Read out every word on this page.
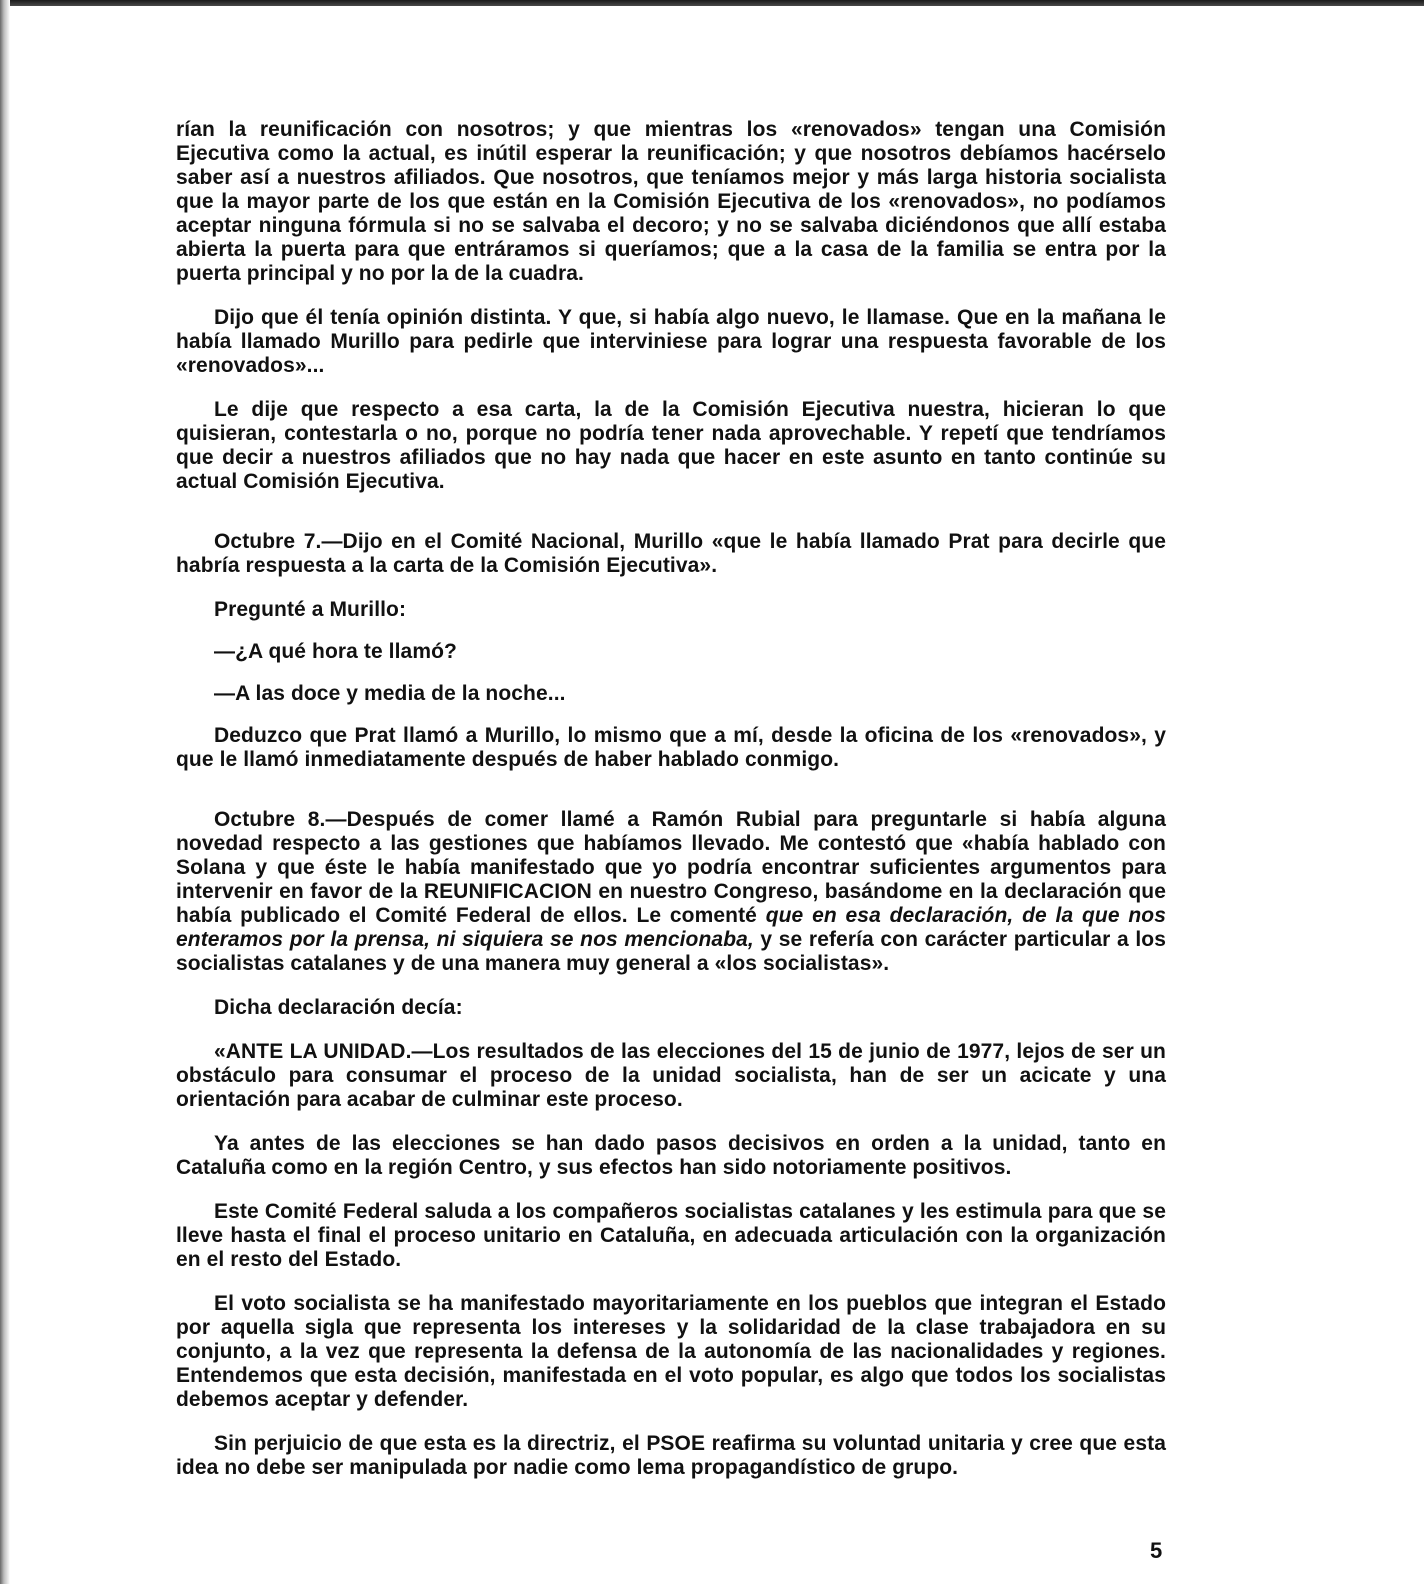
rían la reunificación con nosotros; y que mientras los «renovados» tengan una Comisión Ejecutiva como la actual, es inútil esperar la reunificación; y que nosotros debíamos hacérselo saber así a nuestros afiliados. Que nosotros, que teníamos mejor y más larga historia socialista que la mayor parte de los que están en la Comisión Ejecutiva de los «renovados», no podíamos aceptar ninguna fórmula si no se salvaba el decoro; y no se salvaba diciéndonos que allí estaba abierta la puerta para que entráramos si queríamos; que a la casa de la familia se entra por la puerta principal y no por la de la cuadra.

Dijo que él tenía opinión distinta. Y que, si había algo nuevo, le llamase. Que en la mañana le había llamado Murillo para pedirle que interviniese para lograr una respuesta favorable de los «renovados»...

Le dije que respecto a esa carta, la de la Comisión Ejecutiva nuestra, hicieran lo que quisieran, contestarla o no, porque no podría tener nada aprovechable. Y repetí que tendríamos que decir a nuestros afiliados que no hay nada que hacer en este asunto en tanto continúe su actual Comisión Ejecutiva.

Octubre 7.—Dijo en el Comité Nacional, Murillo «que le había llamado Prat para decirle que habría respuesta a la carta de la Comisión Ejecutiva».

Pregunté a Murillo:

—¿A qué hora te llamó?

—A las doce y media de la noche...

Deduzco que Prat llamó a Murillo, lo mismo que a mí, desde la oficina de los «renovados», y que le llamó inmediatamente después de haber hablado conmigo.

Octubre 8.—Después de comer llamé a Ramón Rubial para preguntarle si había alguna novedad respecto a las gestiones que habíamos llevado. Me contestó que «había hablado con Solana y que éste le había manifestado que yo podría encontrar suficientes argumentos para intervenir en favor de la REUNIFICACION en nuestro Congreso, basándome en la declaración que había publicado el Comité Federal de ellos. Le comenté que en esa declaración, de la que nos enteramos por la prensa, ni siquiera se nos mencionaba, y se refería con carácter particular a los socialistas catalanes y de una manera muy general a «los socialistas».

Dicha declaración decía:

«ANTE LA UNIDAD.—Los resultados de las elecciones del 15 de junio de 1977, lejos de ser un obstáculo para consumar el proceso de la unidad socialista, han de ser un acicate y una orientación para acabar de culminar este proceso.

Ya antes de las elecciones se han dado pasos decisivos en orden a la unidad, tanto en Cataluña como en la región Centro, y sus efectos han sido notoriamente positivos.

Este Comité Federal saluda a los compañeros socialistas catalanes y les estimula para que se lleve hasta el final el proceso unitario en Cataluña, en adecuada articulación con la organización en el resto del Estado.

El voto socialista se ha manifestado mayoritariamente en los pueblos que integran el Estado por aquella sigla que representa los intereses y la solidaridad de la clase trabajadora en su conjunto, a la vez que representa la defensa de la autonomía de las nacionalidades y regiones. Entendemos que esta decisión, manifestada en el voto popular, es algo que todos los socialistas debemos aceptar y defender.

Sin perjuicio de que esta es la directriz, el PSOE reafirma su voluntad unitaria y cree que esta idea no debe ser manipulada por nadie como lema propagandístico de grupo.

5
